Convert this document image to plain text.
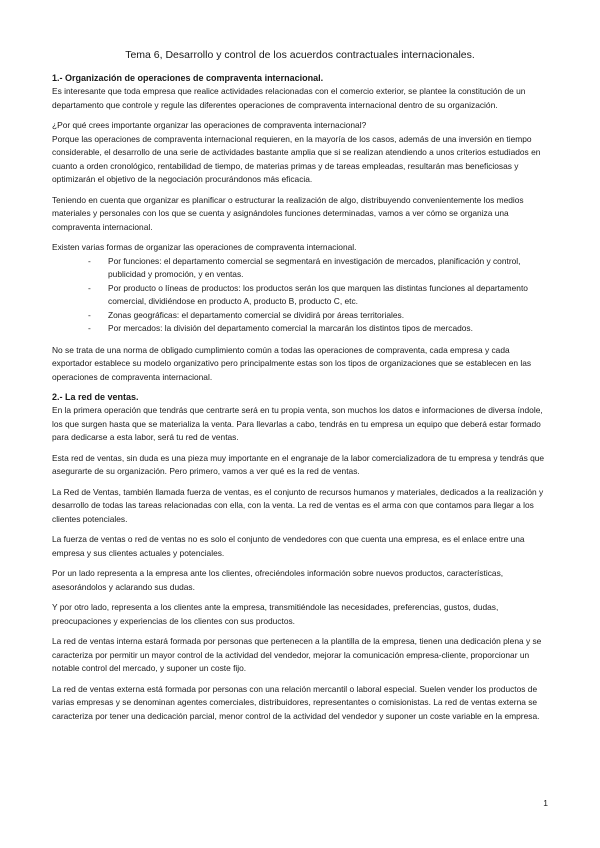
Tema 6, Desarrollo y control de los acuerdos contractuales internacionales.
1.- Organización de operaciones de compraventa internacional.

Es interesante que toda empresa que realice actividades relacionadas con el comercio exterior, se plantee la constitución de un departamento que controle y regule las diferentes operaciones de compraventa internacional dentro de su organización.

¿Por qué crees importante organizar las operaciones de compraventa internacional?

Porque las operaciones de compraventa internacional requieren, en la mayoría de los casos, además de una inversión en tiempo considerable, el desarrollo de una serie de actividades bastante amplia que si se realizan atendiendo a unos criterios estudiados en cuanto a orden cronológico, rentabilidad de tiempo, de materias primas y de tareas empleadas, resultarán mas beneficiosas y optimizarán el objetivo de la negociación procurándonos más eficacia.

Teniendo en cuenta que organizar es planificar o estructurar la realización de algo, distribuyendo convenientemente los medios materiales y personales con los que se cuenta y asignándoles funciones determinadas, vamos a ver cómo se organiza una compraventa internacional.

Existen varias formas de organizar las operaciones de compraventa internacional.

- Por funciones: el departamento comercial se segmentará en investigación de mercados, planificación y control, publicidad y promoción, y en ventas.
- Por producto o líneas de productos: los productos serán los que marquen las distintas funciones al departamento comercial, dividiéndose en producto A, producto B, producto C, etc.
- Zonas geográficas: el departamento comercial se dividirá por áreas territoriales.
- Por mercados: la división del departamento comercial la marcarán los distintos tipos de mercados.

No se trata de una norma de obligado cumplimiento común a todas las operaciones de compraventa, cada empresa y cada exportador establece su modelo organizativo pero principalmente estas son los tipos de organizaciones que se establecen en las operaciones de compraventa internacional.

2.- La red de ventas.

En la primera operación que tendrás que centrarte será en tu propia venta, son muchos los datos e informaciones de diversa índole, los que surgen hasta que se materializa la venta. Para llevarlas a cabo, tendrás en tu empresa un equipo que deberá estar formado para dedicarse a esta labor, será tu red de ventas.

Esta red de ventas, sin duda es una pieza muy importante en el engranaje de la labor comercializadora de tu empresa y tendrás que asegurarte de su organización. Pero primero, vamos a ver qué es la red de ventas.

La Red de Ventas, también llamada fuerza de ventas, es el conjunto de recursos humanos y materiales, dedicados a la realización y desarrollo de todas las tareas relacionadas con ella, con la venta. La red de ventas es el arma con que contamos para llegar a los clientes potenciales.

La fuerza de ventas o red de ventas no es solo el conjunto de vendedores con que cuenta una empresa, es el enlace entre una empresa y sus clientes actuales y potenciales.

Por un lado representa a la empresa ante los clientes, ofreciéndoles información sobre nuevos productos, características, asesorándolos y aclarando sus dudas.

Y por otro lado, representa a los clientes ante la empresa, transmitiéndole las necesidades, preferencias, gustos, dudas, preocupaciones y experiencias de los clientes con sus productos.

La red de ventas interna estará formada por personas que pertenecen a la plantilla de la empresa, tienen una dedicación plena y se caracteriza por permitir un mayor control de la actividad del vendedor, mejorar la comunicación empresa-cliente, proporcionar un notable control del mercado, y suponer un coste fijo.

La red de ventas externa está formada por personas con una relación mercantil o laboral especial. Suelen vender los productos de varias empresas y se denominan agentes comerciales, distribuidores, representantes o comisionistas. La red de ventas externa se caracteriza por tener una dedicación parcial, menor control de la actividad del vendedor y suponer un coste variable en la empresa.

1
